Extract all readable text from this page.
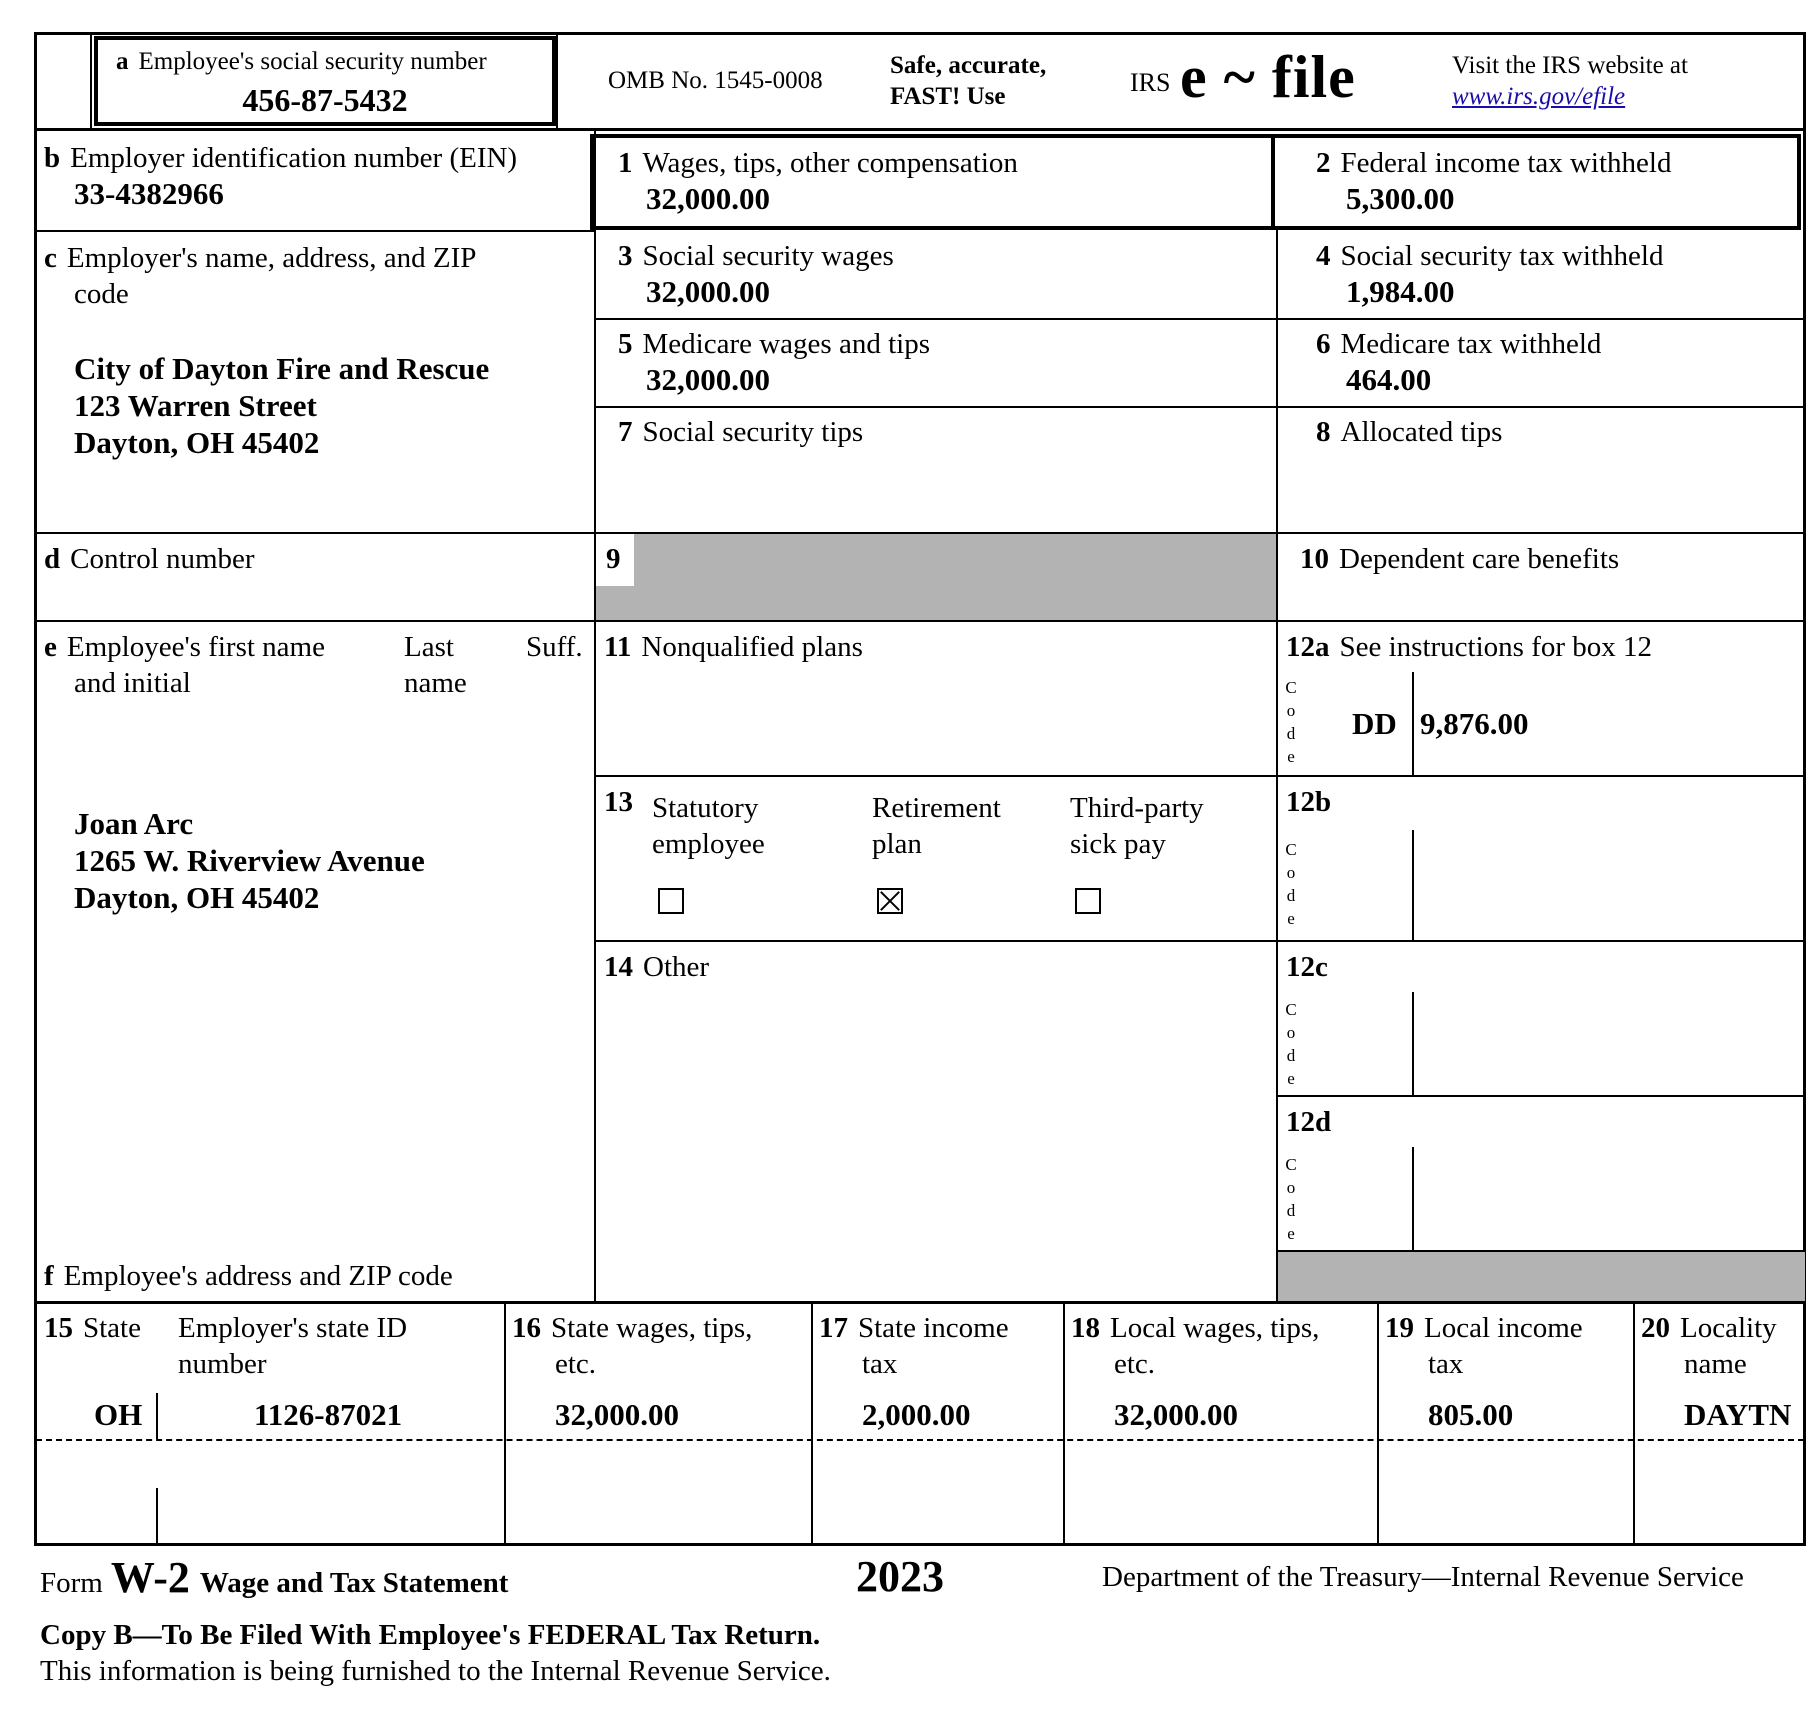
a Employee's social security number
456-87-5432
OMB No. 1545-0008
Safe, accurate,
FAST! Use	IRS e ~ file	Visit the IRS website at
www.irs.gov/efile
b Employer identification number (EIN)
33-4382966
c Employer's name, address, and ZIP
code
City of Dayton Fire and Rescue
123 Warren Street
Dayton, OH 45402
d Control number
e Employee's first name
and initial
Last
name
Suff.
Joan Arc
1265 W. Riverview Avenue
Dayton, OH 45402
f Employee's address and ZIP code
1 Wages, tips, other compensation
32,000.00
2 Federal income tax withheld
5,300.00
3 Social security wages
32,000.00
4 Social security tax withheld
1,984.00
5 Medicare wages and tips
32,000.00
6 Medicare tax withheld
464.00
7 Social security tips	8 Allocated tips
9	10 Dependent care benefits
11 Nonqualified plans
13 Statutory
employee
Retirement
plan
Third-party
sick pay
14 Other
12a See instructions for box 12
C
o
d
e
DD 9,876.00
12b
C
o
d
e
12c
C
o
d
e
12d
C
o
d
e
15 State Employer's state ID
number
OH	1126-87021
16 State wages, tips,
etc.
32,000.00
17 State income
tax
2,000.00
18 Local wages, tips,
etc.
32,000.00
19 Local income
tax
805.00
20 Locality
name
DAYTN
Form W-2 Wage and Tax Statement	2023	Department of the Treasury—Internal Revenue Service
Copy B—To Be Filed With Employee's FEDERAL Tax Return.
This information is being furnished to the Internal Revenue Service.
